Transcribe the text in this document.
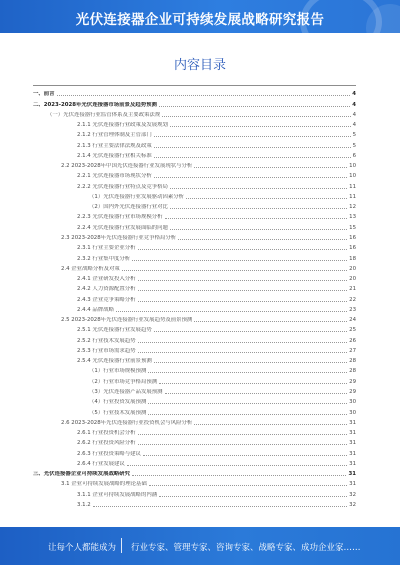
光伏连接器企业可持续发展战略研究报告
内容目录
一、前言	4
二、2023-2028年光伏连接器市场前景及趋势预测	4
（一）光伏连接器行业监管体系及主要政策法规	4
2.1.1 光伏连接器行业政策及发展规划	4
2.1.2 行业管理体制及主管部门	5
2.1.3 行业主要法律法规及政策	5
2.1.4 光伏连接器行业相关标准	6
2.2 2023-2028年中国光伏连接器行业发展现状与分析	10
2.2.1 光伏连接器市场现状分析	10
2.2.2 光伏连接器行业特点及竞争格局	11
（1）光伏连接器行业发展驱动因素分析	11
（2）国内外光伏连接器行业对比	12
2.2.3 光伏连接器行业市场规模分析	13
2.2.4 光伏连接器行业发展面临的问题	15
2.3 2023-2028年光伏连接器行业竞争格局分析	16
2.3.1 行业主要企业分析	16
2.3.2 行业集中度分析	18
2.4 企业战略分析及对策	20
2.4.1 企业研发投入分析	20
2.4.2 人力资源配置分析	21
2.4.3 企业竞争策略分析	22
2.4.4 品牌战略	23
2.5 2023-2028年光伏连接器行业发展趋势及前景预测	24
2.5.1 光伏连接器行业发展趋势	25
2.5.2 行业技术发展趋势	26
2.5.3 行业市场需求趋势	27
2.5.4 光伏连接器行业前景预测	28
（1）行业市场规模预测	28
（2）行业市场竞争格局预测	29
（3）光伏连接器产品发展预测	29
（4）行业投资发展预测	30
（5）行业技术发展预测	30
2.6 2023-2028年光伏连接器行业投资机会与风险分析	31
2.6.1 行业投资机会分析	31
2.6.2 行业投资风险分析	31
2.6.3 行业投资策略与建议	31
2.6.4 行业发展建议	31
三、光伏连接器企业可持续发展战略研究	31
3.1 企业可持续发展战略的理论基础	31
3.1.1 企业可持续发展战略的内涵	32
3.1.2	32
让每个人都能成为 行业专家、管理专家、咨询专家、战略专家、成功企业家……
